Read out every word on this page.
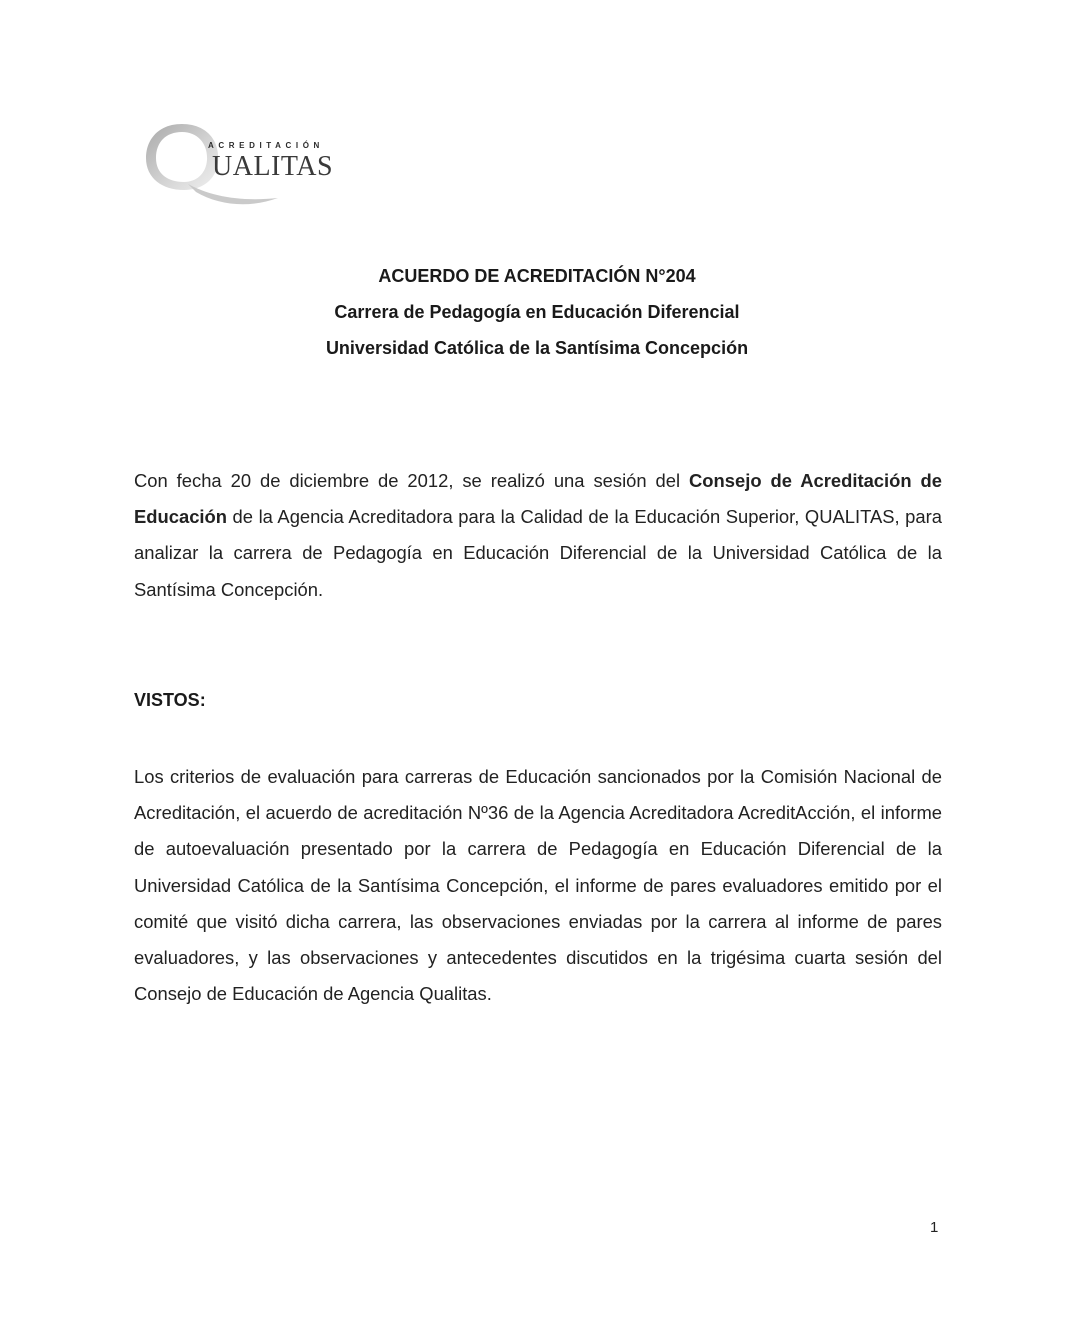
ACREDITACIÓN
UALITAS
ACUERDO DE ACREDITACIÓN N°204
Carrera de Pedagogía en Educación Diferencial
Universidad Católica de la Santísima Concepción
Con fecha 20 de diciembre de 2012, se realizó una sesión del Consejo de Acreditación de Educación de la Agencia Acreditadora para la Calidad de la Educación Superior, QUALITAS, para analizar la carrera de Pedagogía en Educación Diferencial de la Universidad Católica de la Santísima Concepción.
VISTOS:
Los criterios de evaluación para carreras de Educación sancionados por la Comisión Nacional de Acreditación, el acuerdo de acreditación Nº36 de la Agencia Acreditadora AcreditAcción, el informe de autoevaluación presentado por la carrera de Pedagogía en Educación Diferencial de la Universidad Católica de la Santísima Concepción, el informe de pares evaluadores emitido por el comité que visitó dicha carrera, las observaciones enviadas por la carrera al informe de pares evaluadores, y las observaciones y antecedentes discutidos en la trigésima cuarta sesión del Consejo de Educación de Agencia Qualitas.
1
